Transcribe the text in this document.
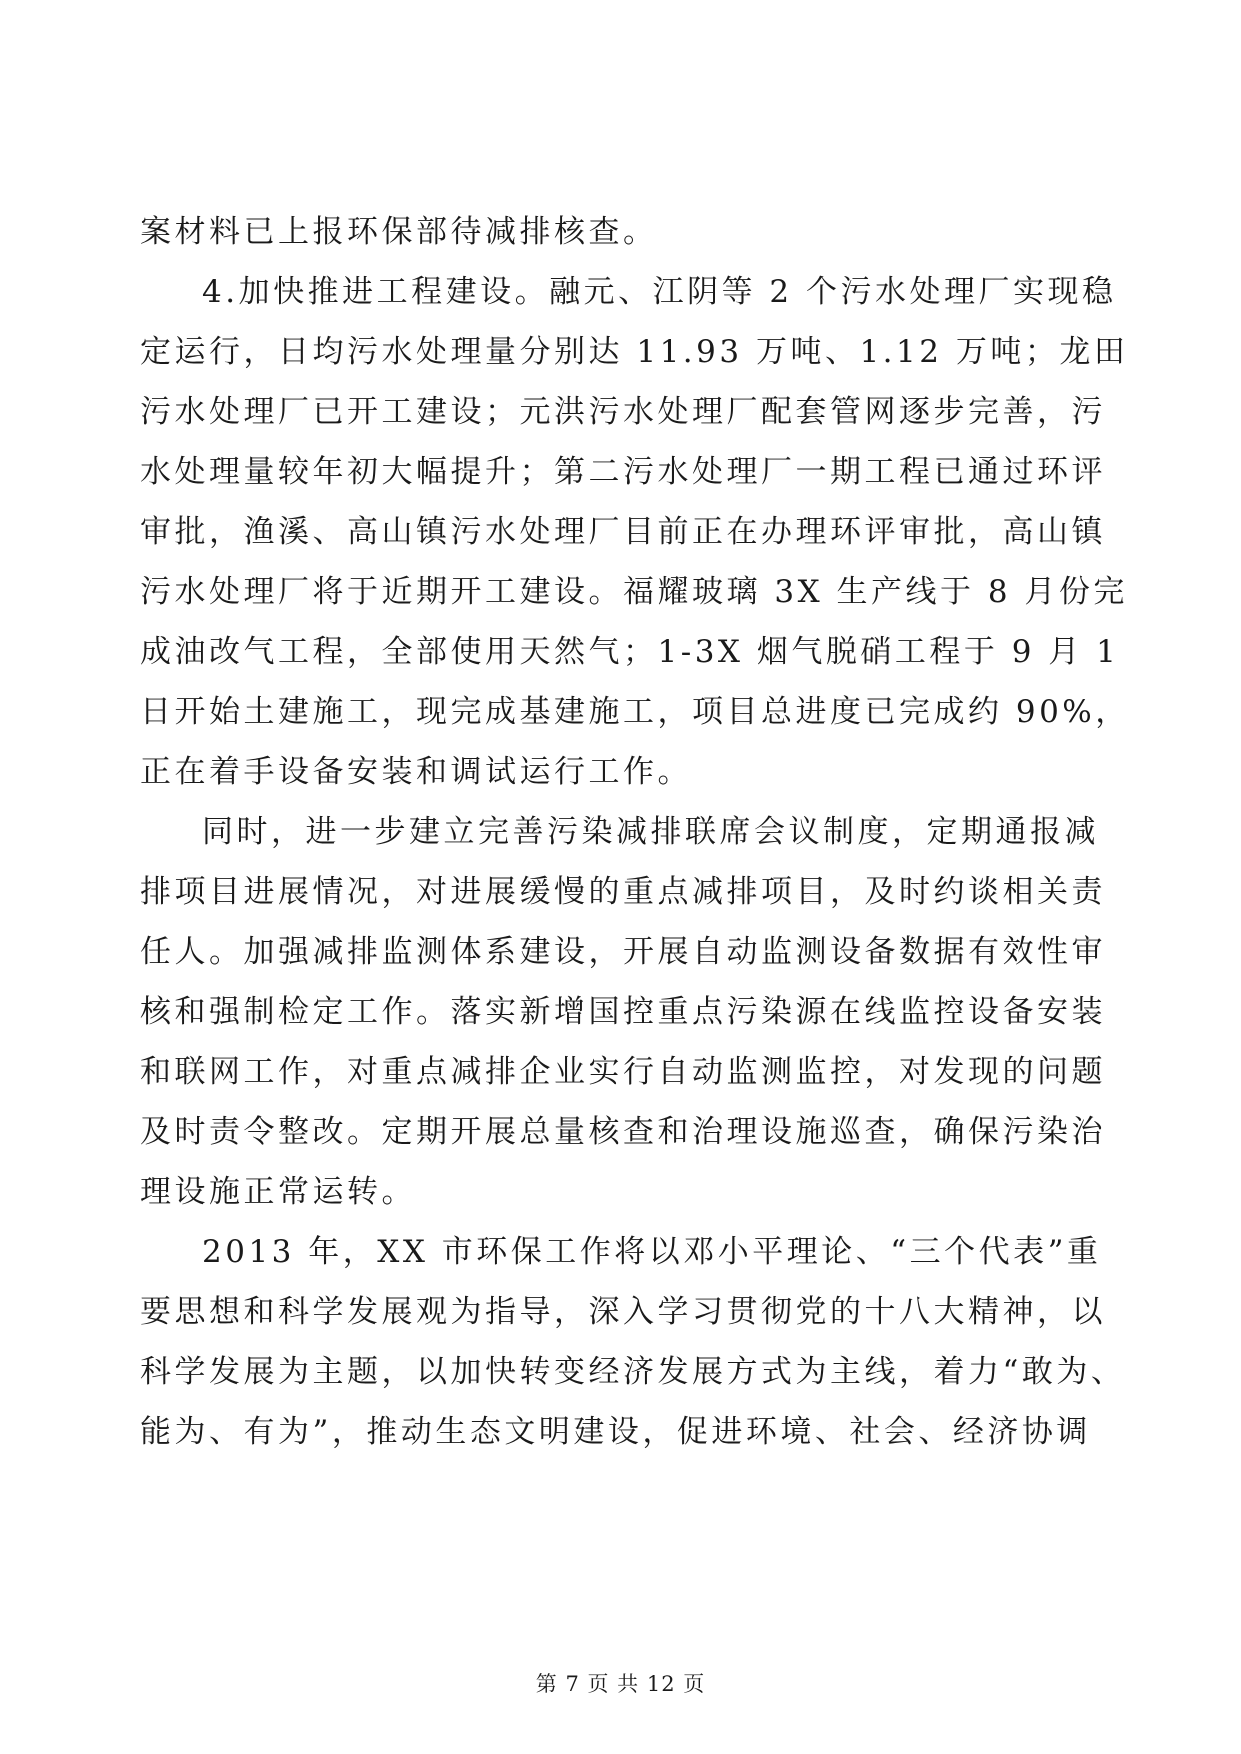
案材料已上报环保部待减排核查。
4.加快推进工程建设。融元、江阴等 2 个污水处理厂实现稳
定运行，日均污水处理量分别达 11.93 万吨、1.12 万吨；龙田
污水处理厂已开工建设；元洪污水处理厂配套管网逐步完善，污
水处理量较年初大幅提升；第二污水处理厂一期工程已通过环评
审批，渔溪、高山镇污水处理厂目前正在办理环评审批，高山镇
污水处理厂将于近期开工建设。福耀玻璃 3X 生产线于 8 月份完
成油改气工程，全部使用天然气；1-3X 烟气脱硝工程于 9 月 1
日开始土建施工，现完成基建施工，项目总进度已完成约 90%，
正在着手设备安装和调试运行工作。
同时，进一步建立完善污染减排联席会议制度，定期通报减
排项目进展情况，对进展缓慢的重点减排项目，及时约谈相关责
任人。加强减排监测体系建设，开展自动监测设备数据有效性审
核和强制检定工作。落实新增国控重点污染源在线监控设备安装
和联网工作，对重点减排企业实行自动监测监控，对发现的问题
及时责令整改。定期开展总量核查和治理设施巡查，确保污染治
理设施正常运转。
2013 年，XX 市环保工作将以邓小平理论、“三个代表”重
要思想和科学发展观为指导，深入学习贯彻党的十八大精神，以
科学发展为主题，以加快转变经济发展方式为主线，着力“敢为、
能为、有为”，推动生态文明建设，促进环境、社会、经济协调
第 7 页 共 12 页
